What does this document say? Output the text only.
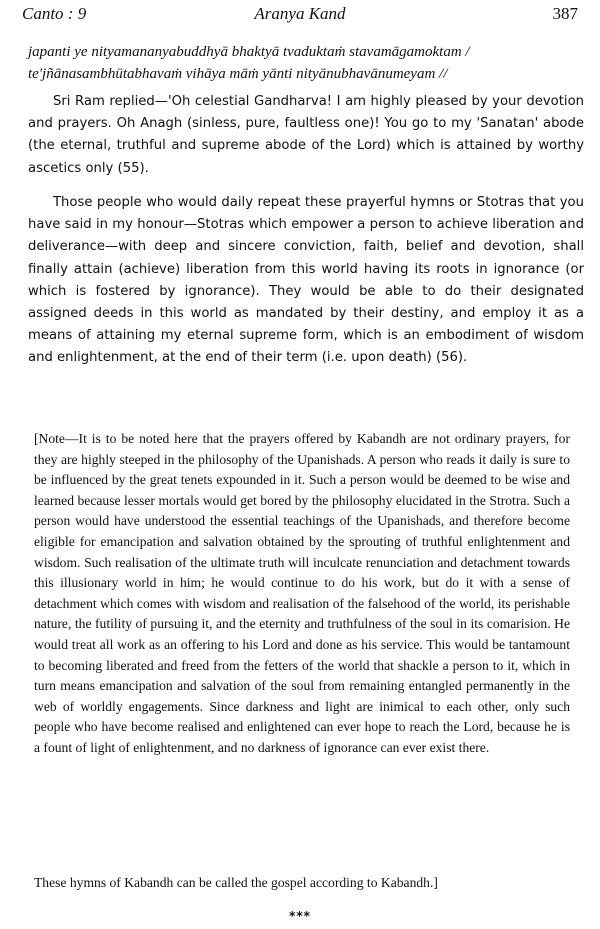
Canto : 9	Aranya Kand	387

japanti ye nityamananyabuddhyā bhaktyā tvaduktaṁ stavamāgamoktam /
te'jñānasambhūtabhavaṁ vihāya māṁ yānti nityānubhavānumeyam //

Sri Ram replied—'Oh celestial Gandharva! I am highly pleased by your devotion and prayers. Oh Anagh (sinless, pure, faultless one)! You go to my 'Sanatan' abode (the eternal, truthful and supreme abode of the Lord) which is attained by worthy ascetics only (55).

Those people who would daily repeat these prayerful hymns or Stotras that you have said in my honour—Stotras which empower a person to achieve liberation and deliverance—with deep and sincere conviction, faith, belief and devotion, shall finally attain (achieve) liberation from this world having its roots in ignorance (or which is fostered by ignorance). They would be able to do their designated assigned deeds in this world as mandated by their destiny, and employ it as a means of attaining my eternal supreme form, which is an embodiment of wisdom and enlightenment, at the end of their term (i.e. upon death) (56).

[Note—It is to be noted here that the prayers offered by Kabandh are not ordinary prayers, for they are highly steeped in the philosophy of the Upanishads. A person who reads it daily is sure to be influenced by the great tenets expounded in it. Such a person would be deemed to be wise and learned because lesser mortals would get bored by the philosophy elucidated in the Strotra. Such a person would have understood the essential teachings of the Upanishads, and therefore become eligible for emancipation and salvation obtained by the sprouting of truthful enlightenment and wisdom. Such realisation of the ultimate truth will inculcate renunciation and detachment towards this illusionary world in him; he would continue to do his work, but do it with a sense of detachment which comes with wisdom and realisation of the falsehood of the world, its perishable nature, the futility of pursuing it, and the eternity and truthfulness of the soul in its comarision. He would treat all work as an offering to his Lord and done as his service. This would be tantamount to becoming liberated and freed from the fetters of the world that shackle a person to it, which in turn means emancipation and salvation of the soul from remaining entangled permanently in the web of worldly engagements. Since darkness and light are inimical to each other, only such people who have become realised and enlightened can ever hope to reach the Lord, because he is a fount of light of enlightenment, and no darkness of ignorance can ever exist there.

These hymns of Kabandh can be called the gospel according to Kabandh.]

***
